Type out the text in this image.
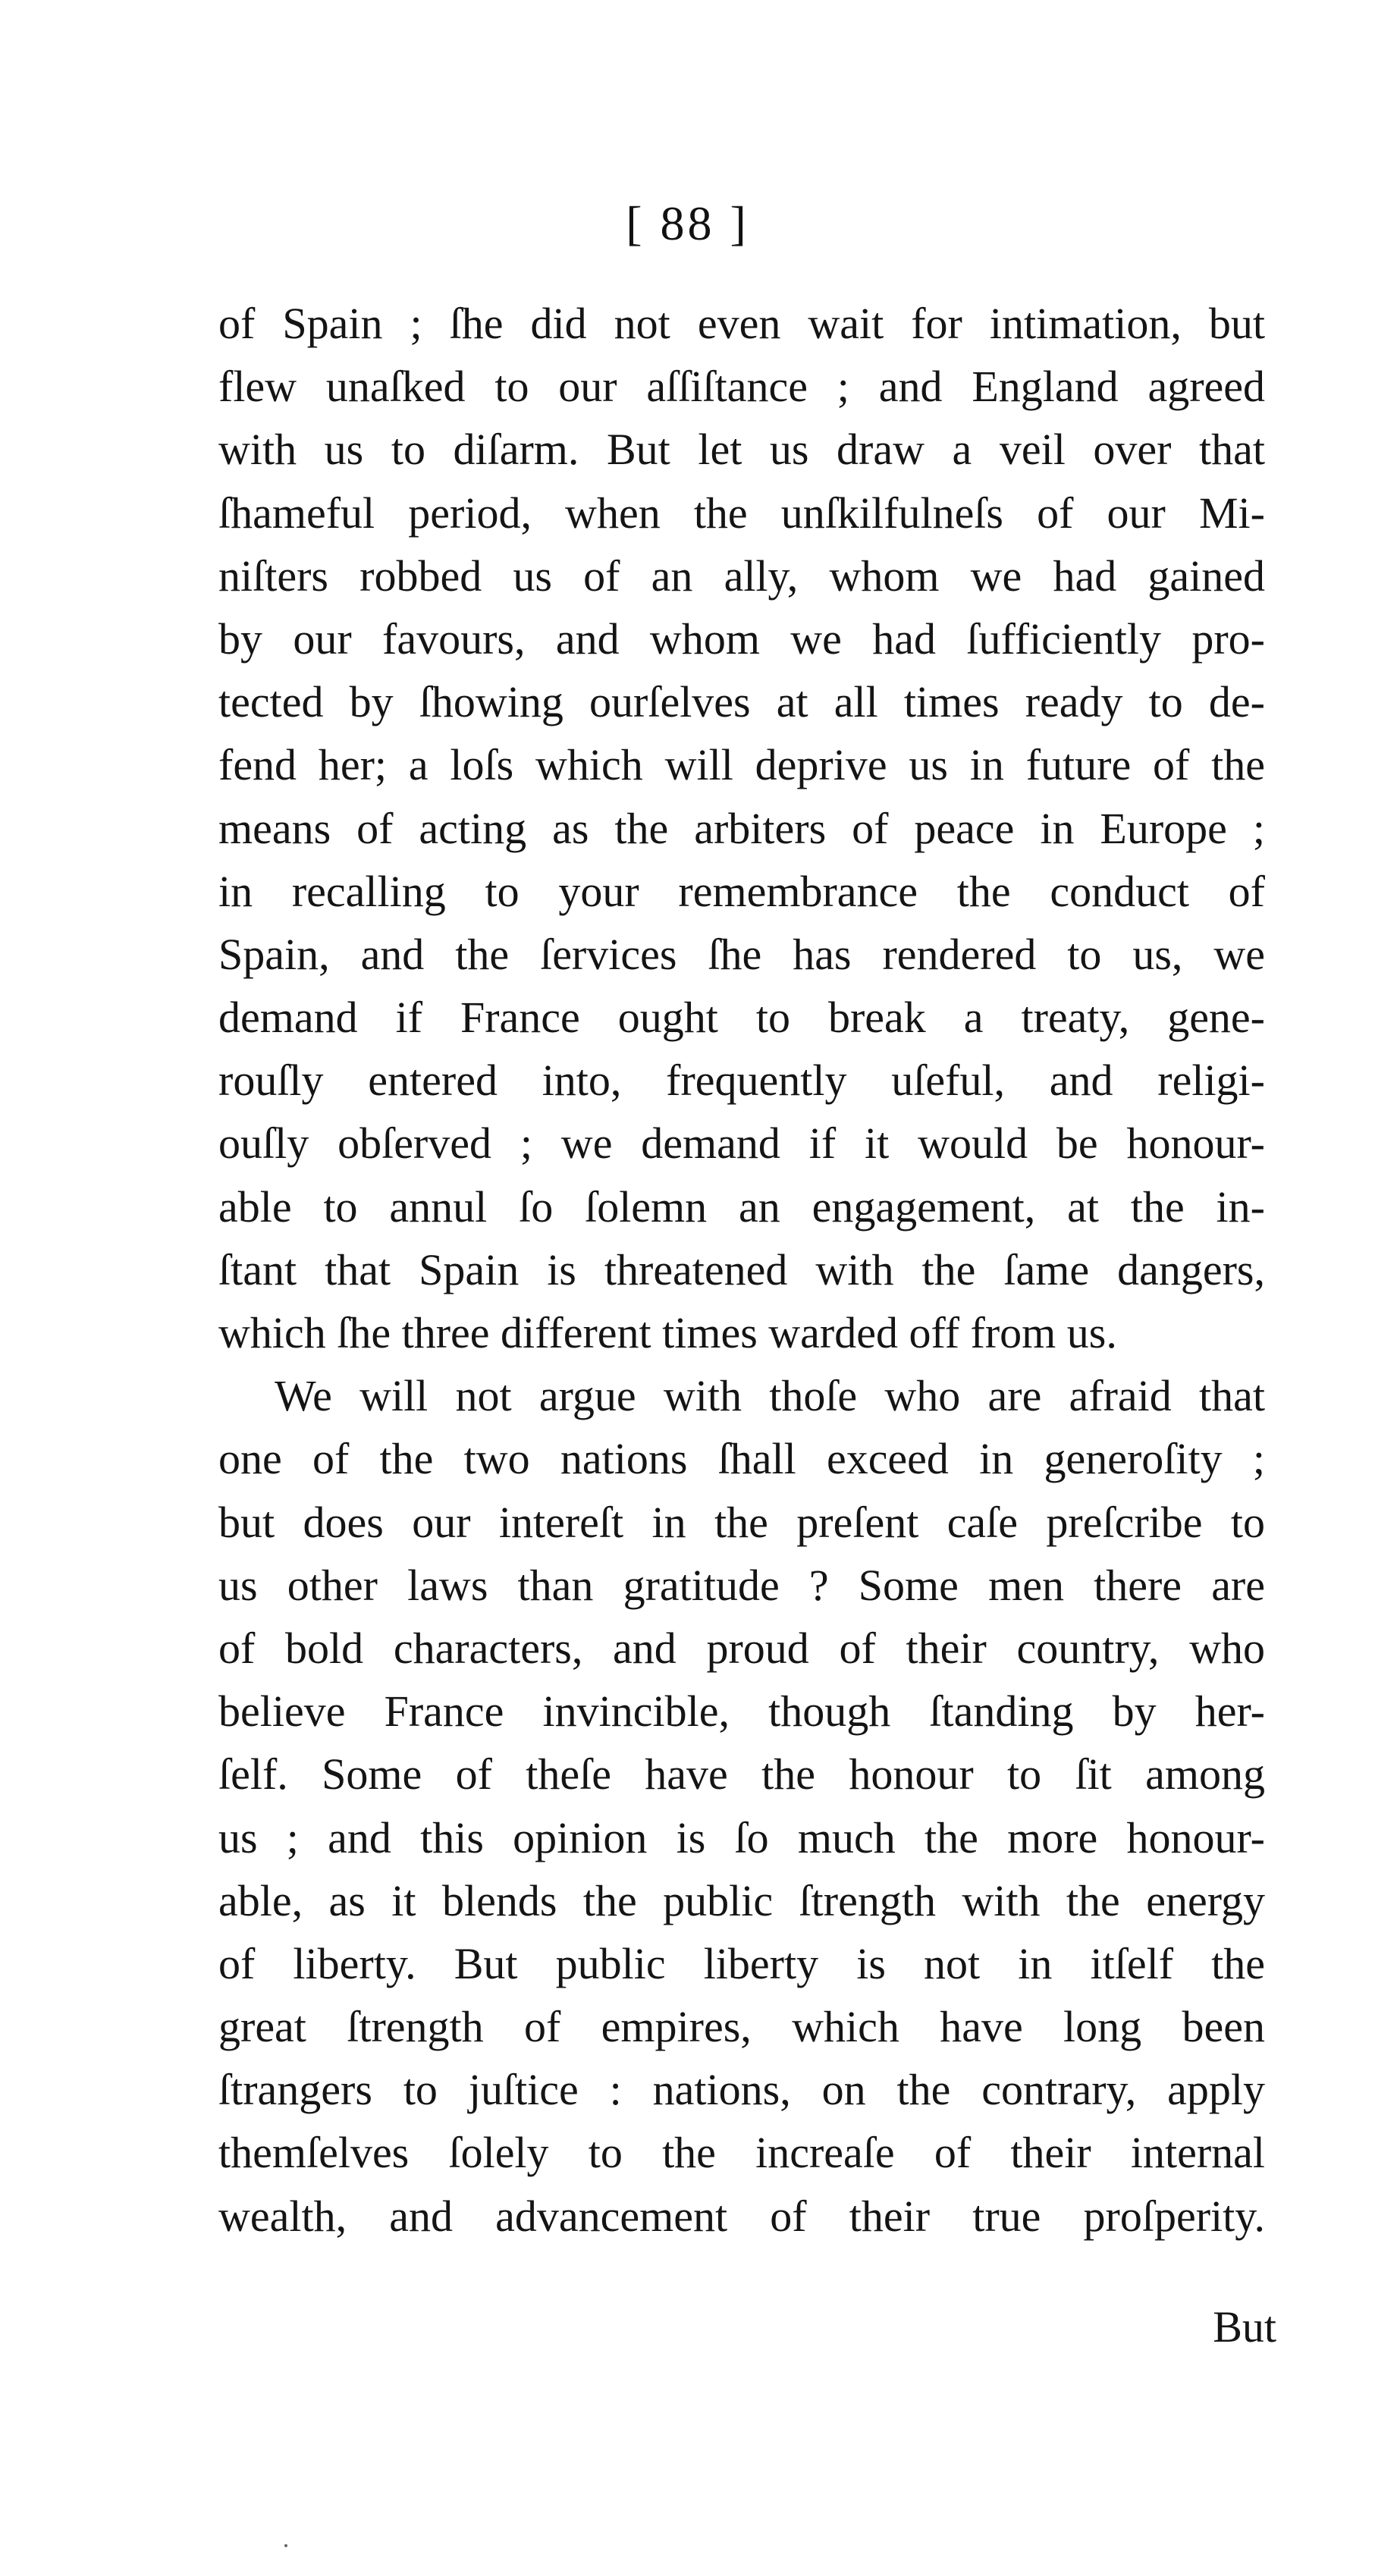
[ 88 ]
of Spain ; ſhe did not even wait for intimation, but
flew unaſked to our aſſiſtance ; and England agreed
with us to diſarm. But let us draw a veil over that
ſhameful period, when the unſkilfulneſs of our Mi-
niſters robbed us of an ally, whom we had gained
by our favours, and whom we had ſufficiently pro-
tected by ſhowing ourſelves at all times ready to de-
fend her; a loſs which will deprive us in future of the
means of acting as the arbiters of peace in Europe ;
in recalling to your remembrance the conduct of
Spain, and the ſervices ſhe has rendered to us, we
demand if France ought to break a treaty, gene-
rouſly entered into, frequently uſeful, and religi-
ouſly obſerved ; we demand if it would be honour-
able to annul ſo ſolemn an engagement, at the in-
ſtant that Spain is threatened with the ſame dangers,
which ſhe three different times warded off from us.
We will not argue with thoſe who are afraid that
one of the two nations ſhall exceed in generoſity ;
but does our intereſt in the preſent caſe preſcribe to
us other laws than gratitude ? Some men there are
of bold characters, and proud of their country, who
believe France invincible, though ſtanding by her-
ſelf. Some of theſe have the honour to ſit among
us ; and this opinion is ſo much the more honour-
able, as it blends the public ſtrength with the energy
of liberty. But public liberty is not in itſelf the
great ſtrength of empires, which have long been
ſtrangers to juſtice : nations, on the contrary, apply
themſelves ſolely to the increaſe of their internal
wealth, and advancement of their true proſperity.
But
